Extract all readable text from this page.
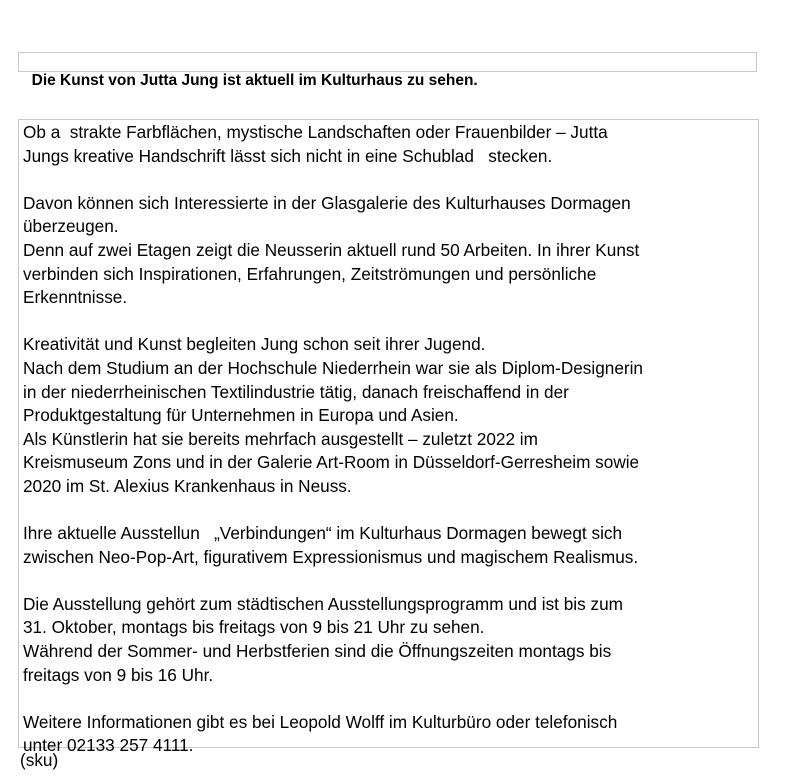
Die Kunst von Jutta Jung ist aktuell im Kulturhaus zu sehen.

Ob a  strakte Farbflächen, mystische Landschaften oder Frauenbilder – Jutta
Jungs kreative Handschrift lässt sich nicht in eine Schublad   stecken.
Davon können sich Interessierte in der Glasgalerie des Kulturhauses Dormagen
überzeugen.
Denn auf zwei Etagen zeigt die Neusserin aktuell rund 50 Arbeiten. In ihrer Kunst
verbinden sich Inspirationen, Erfahrungen, Zeitströmungen und persönliche
Erkenntnisse.
Kreativität und Kunst begleiten Jung schon seit ihrer Jugend.
Nach dem Studium an der Hochschule Niederrhein war sie als Diplom-Designerin
in der niederrheinischen Textilindustrie tätig, danach freischaffend in der
Produktgestaltung für Unternehmen in Europa und Asien.
Als Künstlerin hat sie bereits mehrfach ausgestellt – zuletzt 2022 im
Kreismuseum Zons und in der Galerie Art-Room in Düsseldorf-Gerresheim sowie
2020 im St. Alexius Krankenhaus in Neuss.
Ihre aktuelle Ausstellun   „Verbindungen“ im Kulturhaus Dormagen bewegt sich
zwischen Neo-Pop-Art, figurativem Expressionismus und magischem Realismus.
Die Ausstellung gehört zum städtischen Ausstellungsprogramm und ist bis zum
31. Oktober, montags bis freitags von 9 bis 21 Uhr zu sehen.
Während der Sommer- und Herbstferien sind die Öffnungszeiten montags bis
freitags von 9 bis 16 Uhr.
Weitere Informationen gibt es bei Leopold Wolff im Kulturbüro oder telefonisch
unter 02133 257 4111.
(sku)
